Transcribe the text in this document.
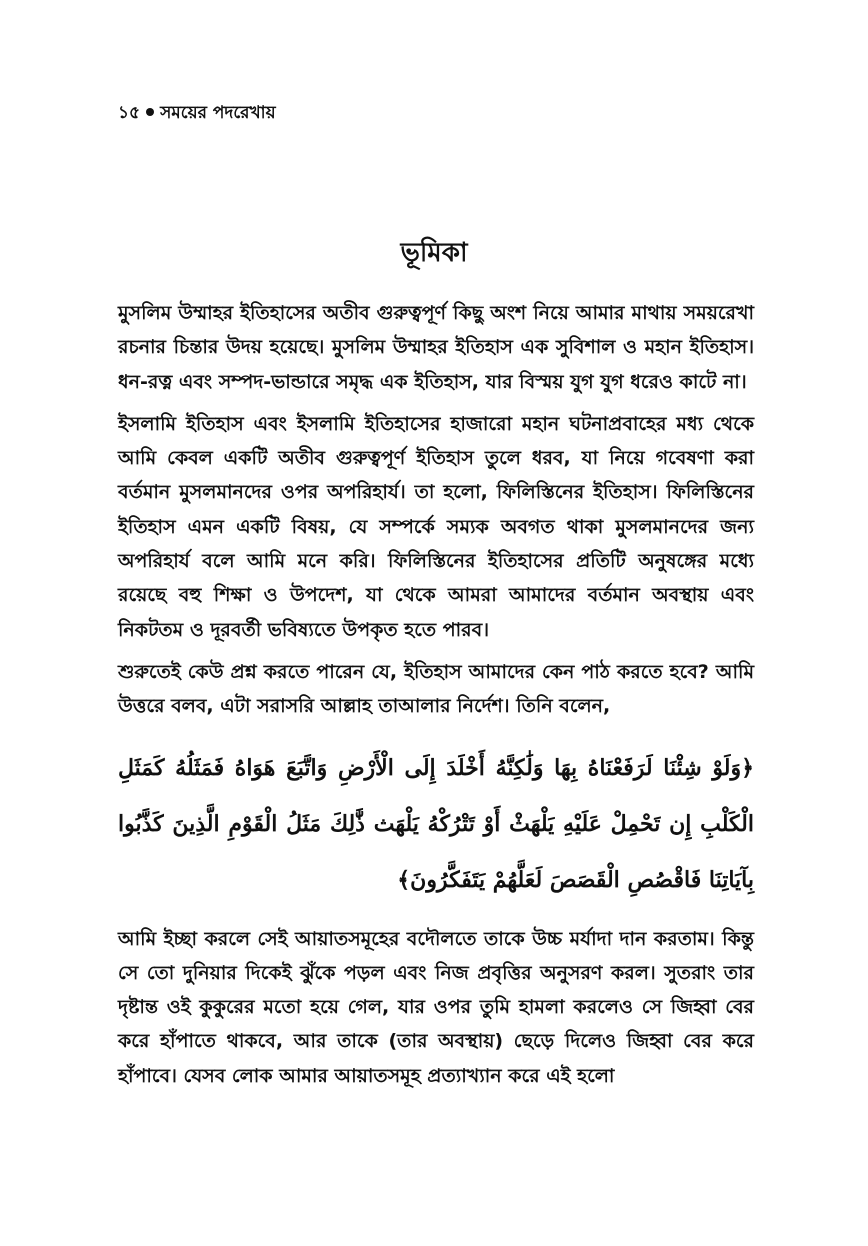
১৫ সময়ের পদরেখায়
ভূমিকা

মুসলিম উম্মাহর ইতিহাসের অতীব গুরুত্বপূর্ণ কিছু অংশ নিয়ে আমার মাথায় সময়রেখা রচনার চিন্তার উদয় হয়েছে। মুসলিম উম্মাহর ইতিহাস এক সুবিশাল ও মহান ইতিহাস। ধন-রত্ন এবং সম্পদ-ভান্ডারে সমৃদ্ধ এক ইতিহাস, যার বিস্ময় যুগ যুগ ধরেও কাটে না।

ইসলামি ইতিহাস এবং ইসলামি ইতিহাসের হাজারো মহান ঘটনাপ্রবাহের মধ্য থেকে আমি কেবল একটি অতীব গুরুত্বপূর্ণ ইতিহাস তুলে ধরব, যা নিয়ে গবেষণা করা বর্তমান মুসলমানদের ওপর অপরিহার্য। তা হলো, ফিলিস্তিনের ইতিহাস। ফিলিস্তিনের ইতিহাস এমন একটি বিষয়, যে সম্পর্কে সম্যক অবগত থাকা মুসলমানদের জন্য অপরিহার্য বলে আমি মনে করি। ফিলিস্তিনের ইতিহাসের প্রতিটি অনুষঙ্গের মধ্যে রয়েছে বহু শিক্ষা ও উপদেশ, যা থেকে আমরা আমাদের বর্তমান অবস্থায় এবং নিকটতম ও দূরবর্তী ভবিষ্যতে উপকৃত হতে পারব।

শুরুতেই কেউ প্রশ্ন করতে পারেন যে, ইতিহাস আমাদের কেন পাঠ করতে হবে? আমি উত্তরে বলব, এটা সরাসরি আল্লাহ তাআলার নির্দেশ। তিনি বলেন,

﴿وَلَوْ شِئْنَا لَرَفَعْنَاهُ بِهَا وَلَٰكِنَّهُ أَخْلَدَ إِلَى الْأَرْضِ وَاتَّبَعَ هَوَاهُ فَمَثَلُهُ كَمَثَلِ الْكَلْبِ إِن تَحْمِلْ عَلَيْهِ يَلْهَثْ أَوْ تَتْرُكْهُ يَلْهَث ذَّٰلِكَ مَثَلُ الْقَوْمِ الَّذِينَ كَذَّبُوا بِآيَاتِنَا فَاقْصُصِ الْقَصَصَ لَعَلَّهُمْ يَتَفَكَّرُونَ﴾

আমি ইচ্ছা করলে সেই আয়াতসমূহের বদৌলতে তাকে উচ্চ মর্যাদা দান করতাম। কিন্তু সে তো দুনিয়ার দিকেই ঝুঁকে পড়ল এবং নিজ প্রবৃত্তির অনুসরণ করল। সুতরাং তার দৃষ্টান্ত ওই কুকুরের মতো হয়ে গেল, যার ওপর তুমি হামলা করলেও সে জিহ্বা বের করে হাঁপাতে থাকবে, আর তাকে (তার অবস্থায়) ছেড়ে দিলেও জিহ্বা বের করে হাঁপাবে। যেসব লোক আমার আয়াতসমূহ প্রত্যাখ্যান করে এই হলো
